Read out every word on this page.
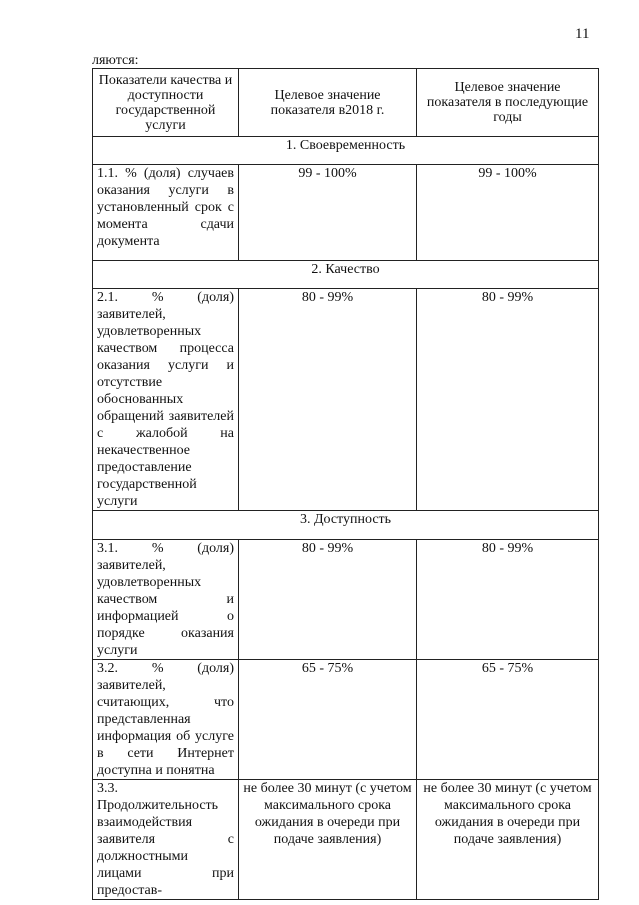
11
ляются:
Показатели качества и доступности государственной услуги	Целевое значение показателя в2018 г.	Целевое значение показателя в последующие годы
1. Своевременность		
1.1. % (доля) случаев оказания услуги в установленный срок с момента сдачи документа	99 - 100%	99 - 100%
2. Качество		
2.1. % (доля) заявителей, удовлетворенных качеством процесса оказания услуги и отсутствие обоснованных обращений заявителей с жалобой на некачественное предоставление государственной услуги	80 - 99%	80 - 99%
3. Доступность		
3.1. % (доля) заявителей, удовлетворенных качеством и информацией о порядке оказания услуги	80 - 99%	80 - 99%
3.2. % (доля) заявителей, считающих, что представленная информация об услуге в сети Интернет доступна и понятна	65 - 75%	65 - 75%
3.3. Продолжительность взаимодействия заявителя с должностными лицами при предостав-	не более 30 минут (с учетом максимального срока ожидания в очереди при подаче заявления)	не более 30 минут (с учетом максимального срока ожидания в очереди при подаче заявления)
